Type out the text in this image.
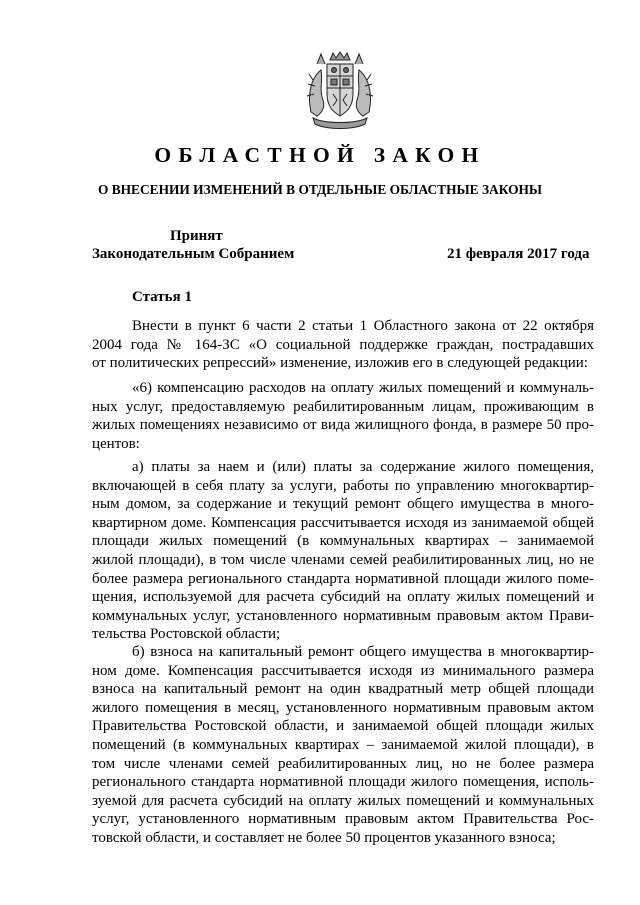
ОБЛАСТНОЙ ЗАКОН
О ВНЕСЕНИИ ИЗМЕНЕНИЙ В ОТДЕЛЬНЫЕ ОБЛАСТНЫЕ ЗАКОНЫ
Принят
Законодательным Собранием	21 февраля 2017 года
Статья 1

Внести в пункт 6 части 2 статьи 1 Областного закона от 22 октября
2004 года № 164-ЗС «О социальной поддержке граждан, пострадавших
от политических репрессий» изменение, изложив его в следующей редакции:

«6) компенсацию расходов на оплату жилых помещений и коммуналь-
ных услуг, предоставляемую реабилитированным лицам, проживающим в
жилых помещениях независимо от вида жилищного фонда, в размере 50 про-
центов:

а) платы за наем и (или) платы за содержание жилого помещения,
включающей в себя плату за услуги, работы по управлению многоквартир-
ным домом, за содержание и текущий ремонт общего имущества в много-
квартирном доме. Компенсация рассчитывается исходя из занимаемой общей
площади жилых помещений (в коммунальных квартирах – занимаемой
жилой площади), в том числе членами семей реабилитированных лиц, но не
более размера регионального стандарта нормативной площади жилого поме-
щения, используемой для расчета субсидий на оплату жилых помещений и
коммунальных услуг, установленного нормативным правовым актом Прави-
тельства Ростовской области;

б) взноса на капитальный ремонт общего имущества в многоквартир-
ном доме. Компенсация рассчитывается исходя из минимального размера
взноса на капитальный ремонт на один квадратный метр общей площади
жилого помещения в месяц, установленного нормативным правовым актом
Правительства Ростовской области, и занимаемой общей площади жилых
помещений (в коммунальных квартирах – занимаемой жилой площади), в
том числе членами семей реабилитированных лиц, но не более размера
регионального стандарта нормативной площади жилого помещения, исполь-
зуемой для расчета субсидий на оплату жилых помещений и коммунальных
услуг, установленного нормативным правовым актом Правительства Рос-
товской области, и составляет не более 50 процентов указанного взноса;
